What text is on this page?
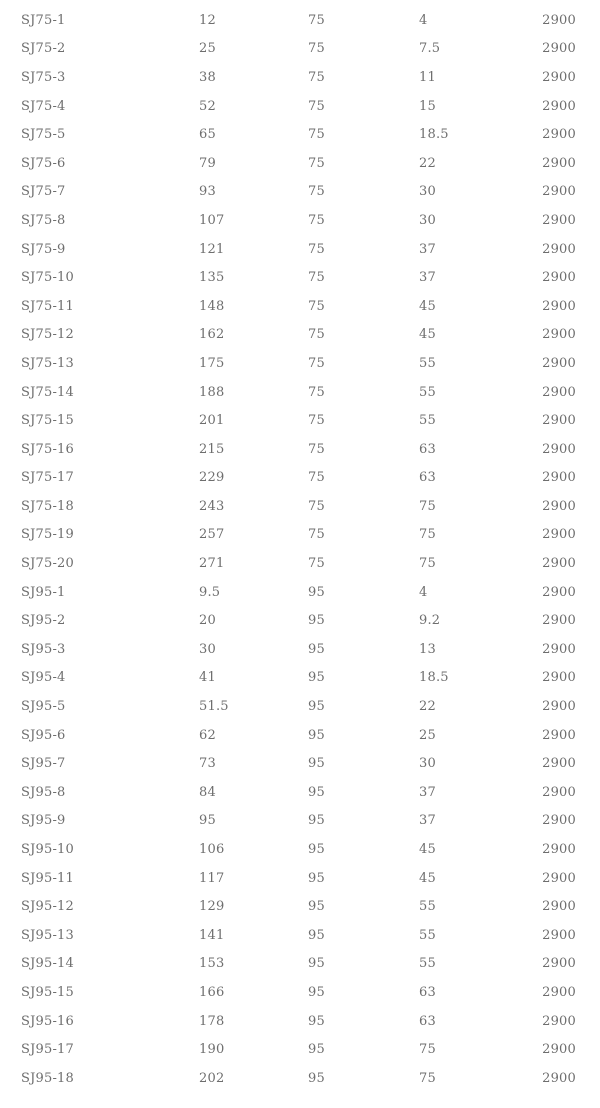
SJ75-1	12	75	4	2900
SJ75-2	25	75	7.5	2900
SJ75-3	38	75	11	2900
SJ75-4	52	75	15	2900
SJ75-5	65	75	18.5	2900
SJ75-6	79	75	22	2900
SJ75-7	93	75	30	2900
SJ75-8	107	75	30	2900
SJ75-9	121	75	37	2900
SJ75-10	135	75	37	2900
SJ75-11	148	75	45	2900
SJ75-12	162	75	45	2900
SJ75-13	175	75	55	2900
SJ75-14	188	75	55	2900
SJ75-15	201	75	55	2900
SJ75-16	215	75	63	2900
SJ75-17	229	75	63	2900
SJ75-18	243	75	75	2900
SJ75-19	257	75	75	2900
SJ75-20	271	75	75	2900
SJ95-1	9.5	95	4	2900
SJ95-2	20	95	9.2	2900
SJ95-3	30	95	13	2900
SJ95-4	41	95	18.5	2900
SJ95-5	51.5	95	22	2900
SJ95-6	62	95	25	2900
SJ95-7	73	95	30	2900
SJ95-8	84	95	37	2900
SJ95-9	95	95	37	2900
SJ95-10	106	95	45	2900
SJ95-11	117	95	45	2900
SJ95-12	129	95	55	2900
SJ95-13	141	95	55	2900
SJ95-14	153	95	55	2900
SJ95-15	166	95	63	2900
SJ95-16	178	95	63	2900
SJ95-17	190	95	75	2900
SJ95-18	202	95	75	2900
